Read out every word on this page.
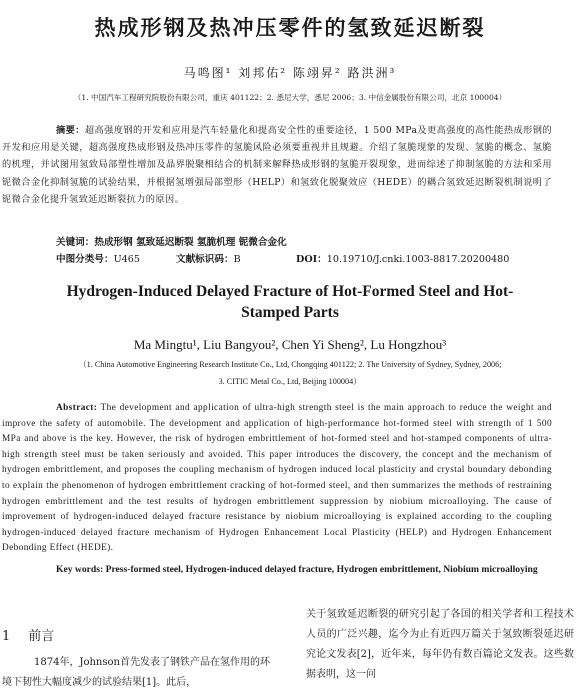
热成形钢及热冲压零件的氢致延迟断裂
马鸣图¹ 刘邦佑² 陈翊昇² 路洪洲³
（1. 中国汽车工程研究院股份有限公司，重庆 401122；2. 悉尼大学，悉尼 2006；3. 中信金属股份有限公司，北京 100004）
摘要：超高强度钢的开发和应用是汽车轻量化和提高安全性的重要途径，1 500 MPa及更高强度的高性能热成形钢的开发和应用是关键，超高强度热成形钢及热冲压零件的氢脆风险必须要重视并且规避。介绍了氢脆现象的发现、氢脆的概念、氢脆的机理，并试图用氢致局部塑性增加及晶界脱聚相结合的机制来解释热成形钢的氢脆开裂现象，进而综述了抑制氢脆的方法和采用铌微合金化抑制氢脆的试验结果，并根据氢增强局部塑形（HELP）和氢致化脱聚效应（HEDE）的耦合氢致延迟断裂机制说明了铌微合金化提升氢致延迟断裂抗力的原因。
关键词：热成形钢 氢致延迟断裂 氢脆机理 铌微合金化
中图分类号：U465	文献标识码：B	DOI：10.19710/J.cnki.1003-8817.20200480
Hydrogen-Induced Delayed Fracture of Hot-Formed Steel and Hot-Stamped Parts
Ma Mingtu¹, Liu Bangyou², Chen Yi Sheng², Lu Hongzhou³
（1. China Automotive Engineering Research Institute Co., Ltd, Chongqing 401122; 2. The University of Sydney, Sydney, 2006;
3. CITIC Metal Co., Ltd, Beijing 100004）
Abstract: The development and application of ultra-high strength steel is the main approach to reduce the weight and improve the safety of automobile. The development and application of high-performance hot-formed steel with strength of 1 500 MPa and above is the key. However, the risk of hydrogen embrittlement of hot-formed steel and hot-stamped components of ultra-high strength steel must be taken seriously and avoided. This paper introduces the discovery, the concept and the mechanism of hydrogen embrittlement, and proposes the coupling mechanism of hydrogen induced local plasticity and crystal boundary debonding to explain the phenomenon of hydrogen embrittlement cracking of hot-formed steel, and then summarizes the methods of restraining hydrogen embrittlement and the test results of hydrogen embrittlement suppression by niobium microalloying. The cause of improvement of hydrogen-induced delayed fracture resistance by niobium microalloying is explained according to the coupling hydrogen-induced delayed fracture mechanism of Hydrogen Enhancement Local Plasticity (HELP) and Hydrogen Enhancement Debonding Effect (HEDE).
Key words: Press-formed steel, Hydrogen-induced delayed fracture, Hydrogen embrittlement, Niobium microalloying
1 前言
1874年，Johnson首先发表了钢铁产品在氢作用的环境下韧性大幅度减少的试验结果[1]。此后，
关于氢致延迟断裂的研究引起了各国的相关学者和工程技术人员的广泛兴趣，迄今为止有近四万篇关于氢致断裂延迟研究论文发表[2]，近年来，每年仍有数百篇论文发表。这些数据表明，这一问
